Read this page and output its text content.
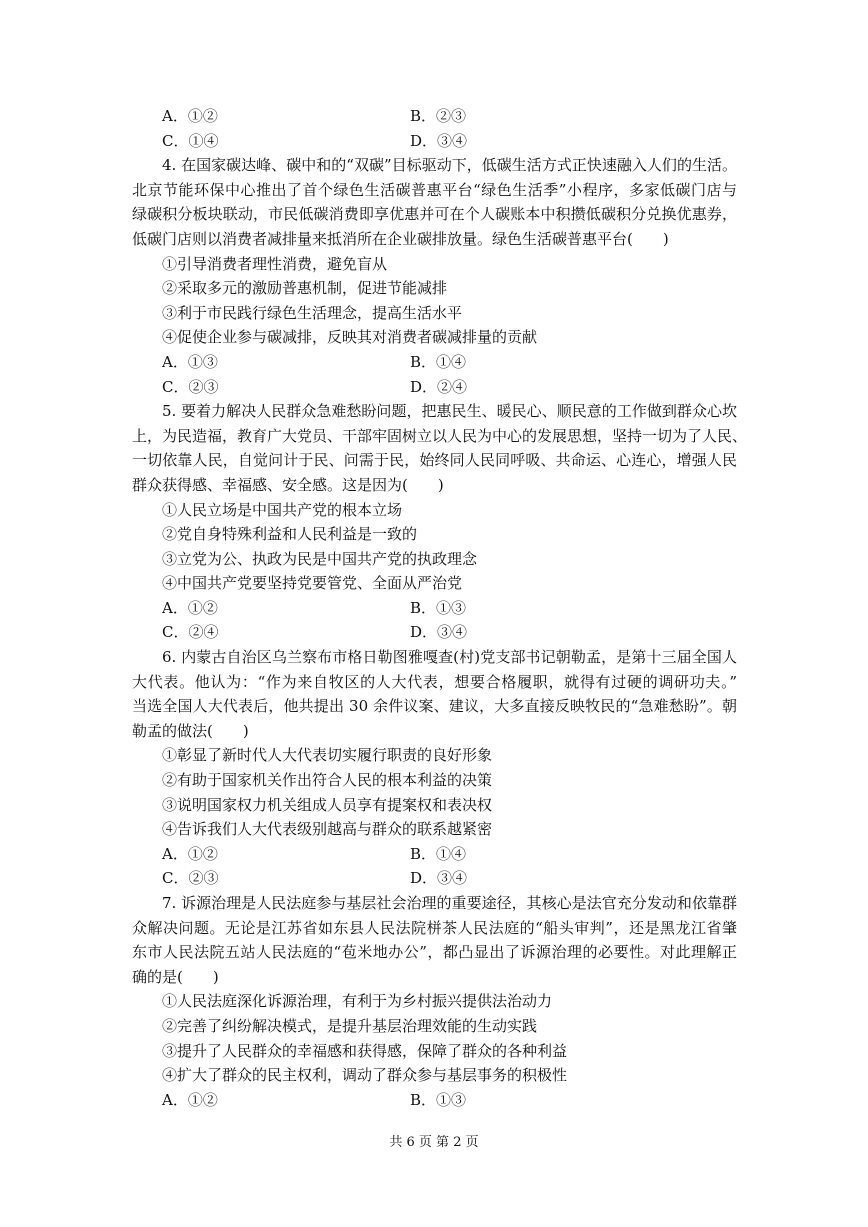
A．①②	B．②③
C．①④	D．③④
4. 在国家碳达峰、碳中和的“双碳”目标驱动下，低碳生活方式正快速融入人们的生活。
北京节能环保中心推出了首个绿色生活碳普惠平台“绿色生活季”小程序，多家低碳门店与
绿碳积分板块联动，市民低碳消费即享优惠并可在个人碳账本中积攒低碳积分兑换优惠券，
低碳门店则以消费者减排量来抵消所在企业碳排放量。绿色生活碳普惠平台(　　)
①引导消费者理性消费，避免盲从
②采取多元的激励普惠机制，促进节能减排
③利于市民践行绿色生活理念，提高生活水平
④促使企业参与碳减排，反映其对消费者碳减排量的贡献
A．①③	B．①④
C．②③	D．②④
5. 要着力解决人民群众急难愁盼问题，把惠民生、暖民心、顺民意的工作做到群众心坎
上，为民造福，教育广大党员、干部牢固树立以人民为中心的发展思想，坚持一切为了人民、
一切依靠人民，自觉问计于民、问需于民，始终同人民同呼吸、共命运、心连心，增强人民
群众获得感、幸福感、安全感。这是因为(　　)
①人民立场是中国共产党的根本立场
②党自身特殊利益和人民利益是一致的
③立党为公、执政为民是中国共产党的执政理念
④中国共产党要坚持党要管党、全面从严治党
A．①②	B．①③
C．②④	D．③④
6. 内蒙古自治区乌兰察布市格日勒图雅嘎查(村)党支部书记朝勒孟，是第十三届全国人
大代表。他认为：“作为来自牧区的人大代表，想要合格履职，就得有过硬的调研功夫。”
当选全国人大代表后，他共提出 30 余件议案、建议，大多直接反映牧民的“急难愁盼”。朝
勒孟的做法(　　)
①彰显了新时代人大代表切实履行职责的良好形象
②有助于国家机关作出符合人民的根本利益的决策
③说明国家权力机关组成人员享有提案权和表决权
④告诉我们人大代表级别越高与群众的联系越紧密
A．①②	B．①④
C．②③	D．③④
7. 诉源治理是人民法庭参与基层社会治理的重要途径，其核心是法官充分发动和依靠群
众解决问题。无论是江苏省如东县人民法院栟茶人民法庭的“船头审判”，还是黑龙江省肇
东市人民法院五站人民法庭的“苞米地办公”，都凸显出了诉源治理的必要性。对此理解正
确的是(　　)
①人民法庭深化诉源治理，有利于为乡村振兴提供法治动力
②完善了纠纷解决模式，是提升基层治理效能的生动实践
③提升了人民群众的幸福感和获得感，保障了群众的各种利益
④扩大了群众的民主权利，调动了群众参与基层事务的积极性
A．①②	B．①③
共 6 页 第 2 页
